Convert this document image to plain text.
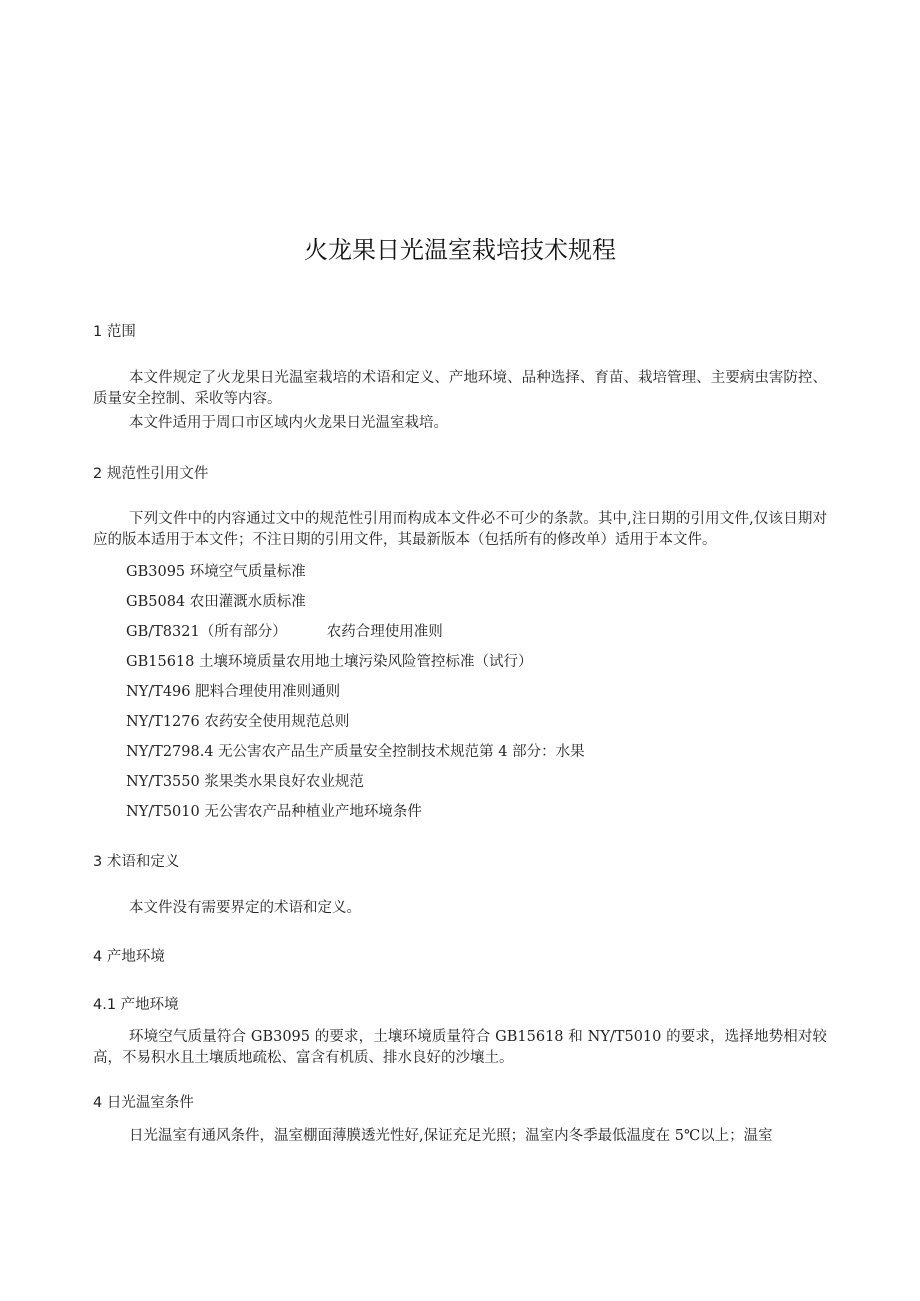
火龙果日光温室栽培技术规程
1 范围
本文件规定了火龙果日光温室栽培的术语和定义、产地环境、品种选择、育苗、栽培管理、主要病虫害防控、质量安全控制、采收等内容。
本文件适用于周口市区域内火龙果日光温室栽培。
2 规范性引用文件
下列文件中的内容通过文中的规范性引用而构成本文件必不可少的条款。其中,注日期的引用文件,仅该日期对应的版本适用于本文件；不注日期的引用文件，其最新版本（包括所有的修改单）适用于本文件。
GB3095 环境空气质量标准
GB5084 农田灌溉水质标准
GB/T8321（所有部分）	农药合理使用准则
GB15618 土壤环境质量农用地土壤污染风险管控标准（试行）
NY/T496 肥料合理使用准则通则
NY/T1276 农药安全使用规范总则
NY/T2798.4 无公害农产品生产质量安全控制技术规范第 4 部分：水果
NY/T3550 浆果类水果良好农业规范
NY/T5010 无公害农产品种植业产地环境条件
3 术语和定义
本文件没有需要界定的术语和定义。
4 产地环境
4.1 产地环境
环境空气质量符合 GB3095 的要求，土壤环境质量符合 GB15618 和 NY/T5010 的要求，选择地势相对较高，不易积水且土壤质地疏松、富含有机质、排水良好的沙壤土。
4 日光温室条件
日光温室有通风条件，温室棚面薄膜透光性好,保证充足光照；温室内冬季最低温度在 5℃以上；温室
